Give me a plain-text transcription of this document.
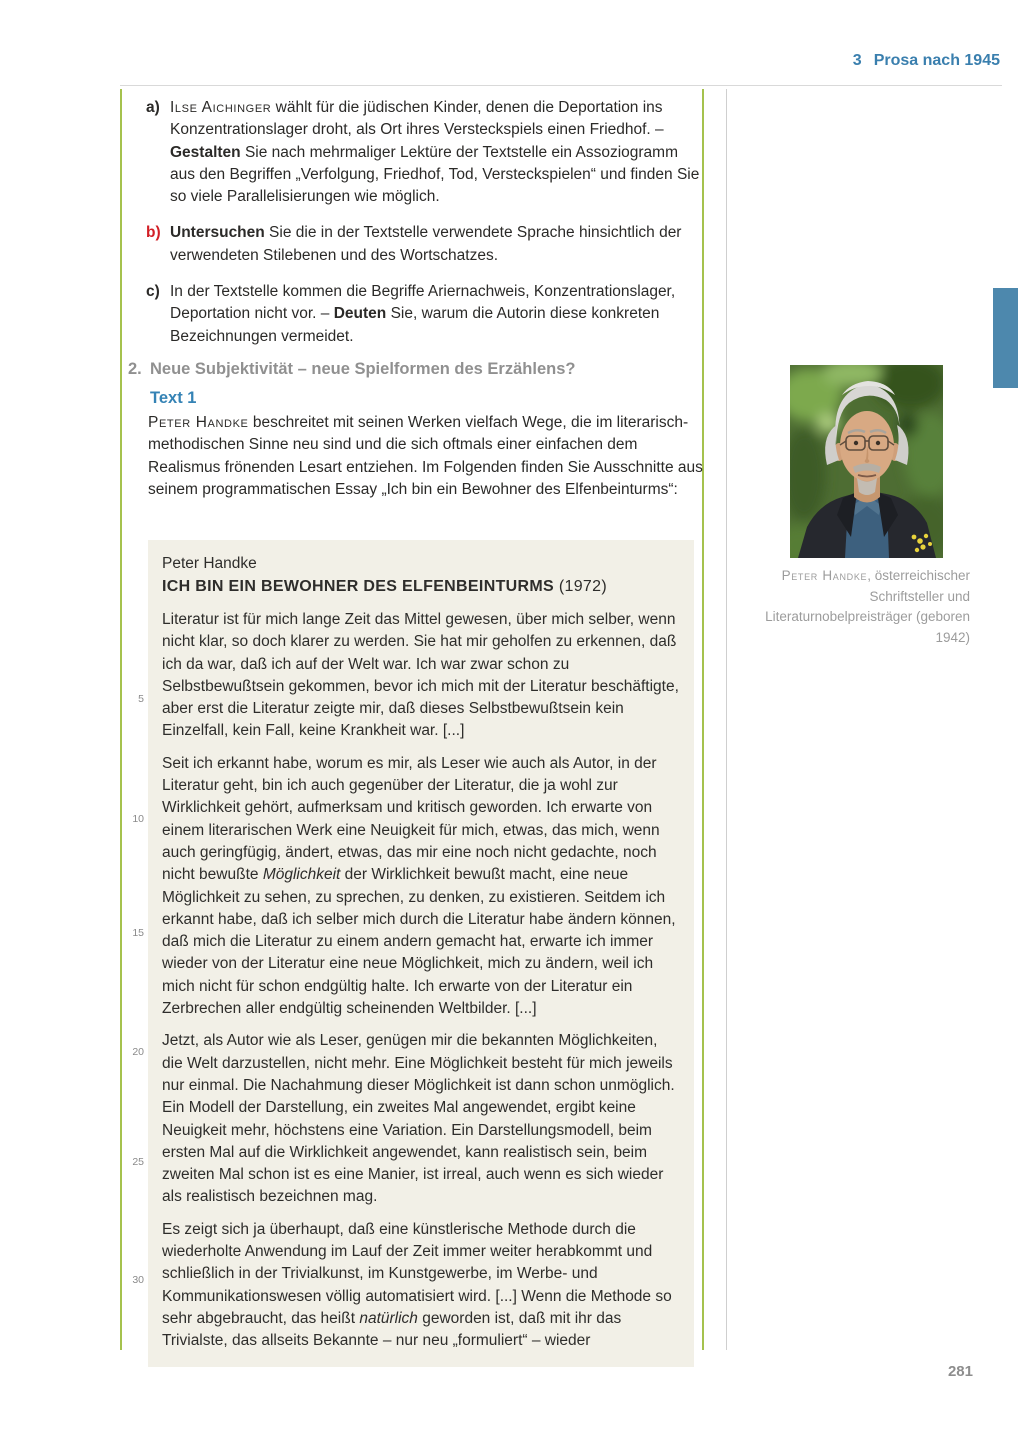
3 Prosa nach 1945
a) Ilse Aichinger wählt für die jüdischen Kinder, denen die Deportation ins Konzentrationslager droht, als Ort ihres Versteckspiels einen Friedhof. – Gestalten Sie nach mehrmaliger Lektüre der Textstelle ein Assoziogramm aus den Begriffen „Verfolgung, Friedhof, Tod, Versteckspielen“ und finden Sie so viele Parallelisierungen wie möglich.
b) Untersuchen Sie die in der Textstelle verwendete Sprache hinsichtlich der verwendeten Stilebenen und des Wortschatzes.
c) In der Textstelle kommen die Begriffe Ariernachweis, Konzentrationslager, Deportation nicht vor. – Deuten Sie, warum die Autorin diese konkreten Bezeichnungen vermeidet.
2. Neue Subjektivität – neue Spielformen des Erzählens?
Text 1
Peter Handke beschreitet mit seinen Werken vielfach Wege, die im literarisch-methodischen Sinne neu sind und die sich oftmals einer einfachen dem Realismus frönenden Lesart entziehen. Im Folgenden finden Sie Ausschnitte aus seinem programmatischen Essay „Ich bin ein Bewohner des Elfenbeinturms“:
Peter Handke
ICH BIN EIN BEWOHNER DES ELFENBEINTURMS (1972)

Literatur ist für mich lange Zeit das Mittel gewesen, über mich selber, wenn nicht klar, so doch klarer zu werden. Sie hat mir geholfen zu erkennen, daß ich da war, daß ich auf der Welt war. Ich war zwar schon zu Selbstbewußtsein gekommen, bevor ich mich mit der Literatur beschäftigte, aber erst die Literatur zeigte mir, daß dieses Selbstbewußtsein kein Einzelfall, kein Fall, keine Krankheit war. [...]

Seit ich erkannt habe, worum es mir, als Leser wie auch als Autor, in der Literatur geht, bin ich auch gegenüber der Literatur, die ja wohl zur Wirklichkeit gehört, aufmerksam und kritisch geworden. Ich erwarte von einem literarischen Werk eine Neuigkeit für mich, etwas, das mich, wenn auch geringfügig, ändert, etwas, das mir eine noch nicht gedachte, noch nicht bewußte Möglichkeit der Wirklichkeit bewußt macht, eine neue Möglichkeit zu sehen, zu sprechen, zu denken, zu existieren. Seitdem ich erkannt habe, daß ich selber mich durch die Literatur habe ändern können, daß mich die Literatur zu einem andern gemacht hat, erwarte ich immer wieder von der Literatur eine neue Möglichkeit, mich zu ändern, weil ich mich nicht für schon endgültig halte. Ich erwarte von der Literatur ein Zerbrechen aller endgültig scheinenden Weltbilder. [...]

Jetzt, als Autor wie als Leser, genügen mir die bekannten Möglichkeiten, die Welt darzustellen, nicht mehr. Eine Möglichkeit besteht für mich jeweils nur einmal. Die Nachahmung dieser Möglichkeit ist dann schon unmöglich. Ein Modell der Darstellung, ein zweites Mal angewendet, ergibt keine Neuigkeit mehr, höchstens eine Variation. Ein Darstellungsmodell, beim ersten Mal auf die Wirklichkeit angewendet, kann realistisch sein, beim zweiten Mal schon ist es eine Manier, ist irreal, auch wenn es sich wieder als realistisch bezeichnen mag.

Es zeigt sich ja überhaupt, daß eine künstlerische Methode durch die wiederholte Anwendung im Lauf der Zeit immer weiter herabkommt und schließlich in der Trivialkunst, im Kunstgewerbe, im Werbe- und Kommunikationswesen völlig automatisiert wird. [...] Wenn die Methode so sehr abgebraucht, das heißt natürlich geworden ist, daß mit ihr das Trivialste, das allseits Bekannte – nur neu „formuliert“ – wieder

5
10
15
20
25
30
Peter Handke, österreichischer Schriftsteller und Literaturnobelpreisträger (geboren 1942)
281
